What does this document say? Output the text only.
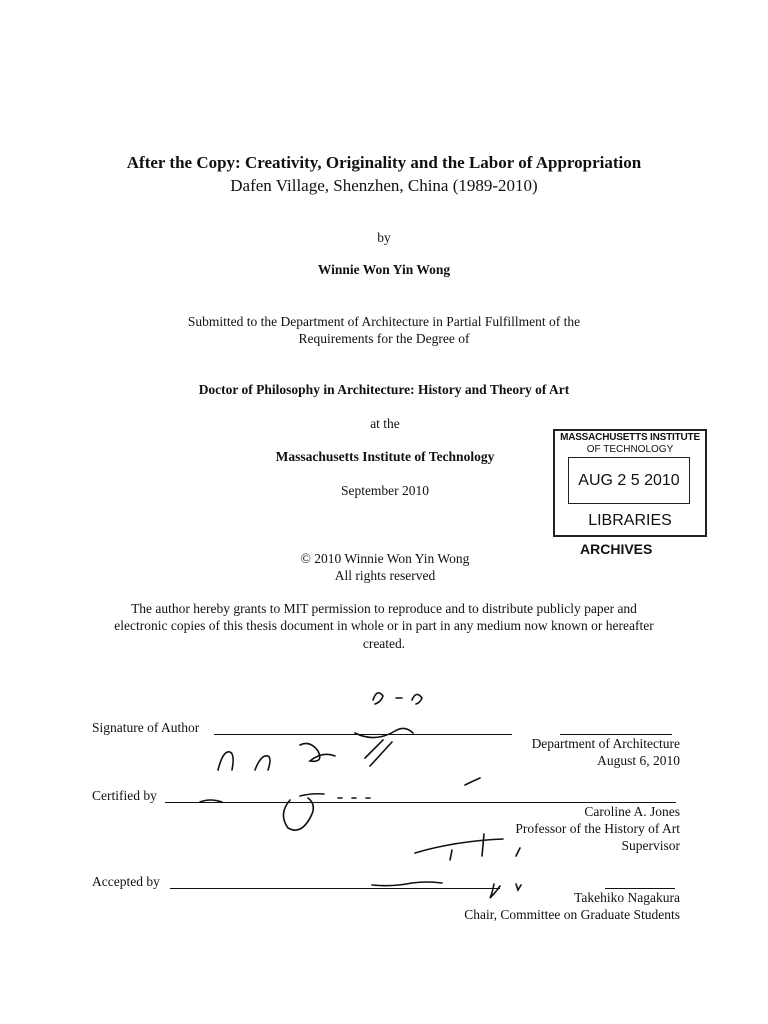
After the Copy: Creativity, Originality and the Labor of Appropriation
Dafen Village, Shenzhen, China (1989-2010)
by
Winnie Won Yin Wong
Submitted to the Department of Architecture in Partial Fulfillment of the
Requirements for the Degree of
Doctor of Philosophy in Architecture: History and Theory of Art
at the
Massachusetts Institute of Technology
September 2010
MASSACHUSETTS INSTITUTE
OF TECHNOLOGY
AUG 2 5 2010
LIBRARIES
ARCHIVES
© 2010 Winnie Won Yin Wong
All rights reserved
The author hereby grants to MIT permission to reproduce and to distribute publicly paper and
electronic copies of this thesis document in whole or in part in any medium now known or hereafter
created.
Signature of Author
Department of Architecture
August 6, 2010
Certified by
Caroline A. Jones
Professor of the History of Art
Supervisor
Accepted by
Takehiko Nagakura
Chair, Committee on Graduate Students
